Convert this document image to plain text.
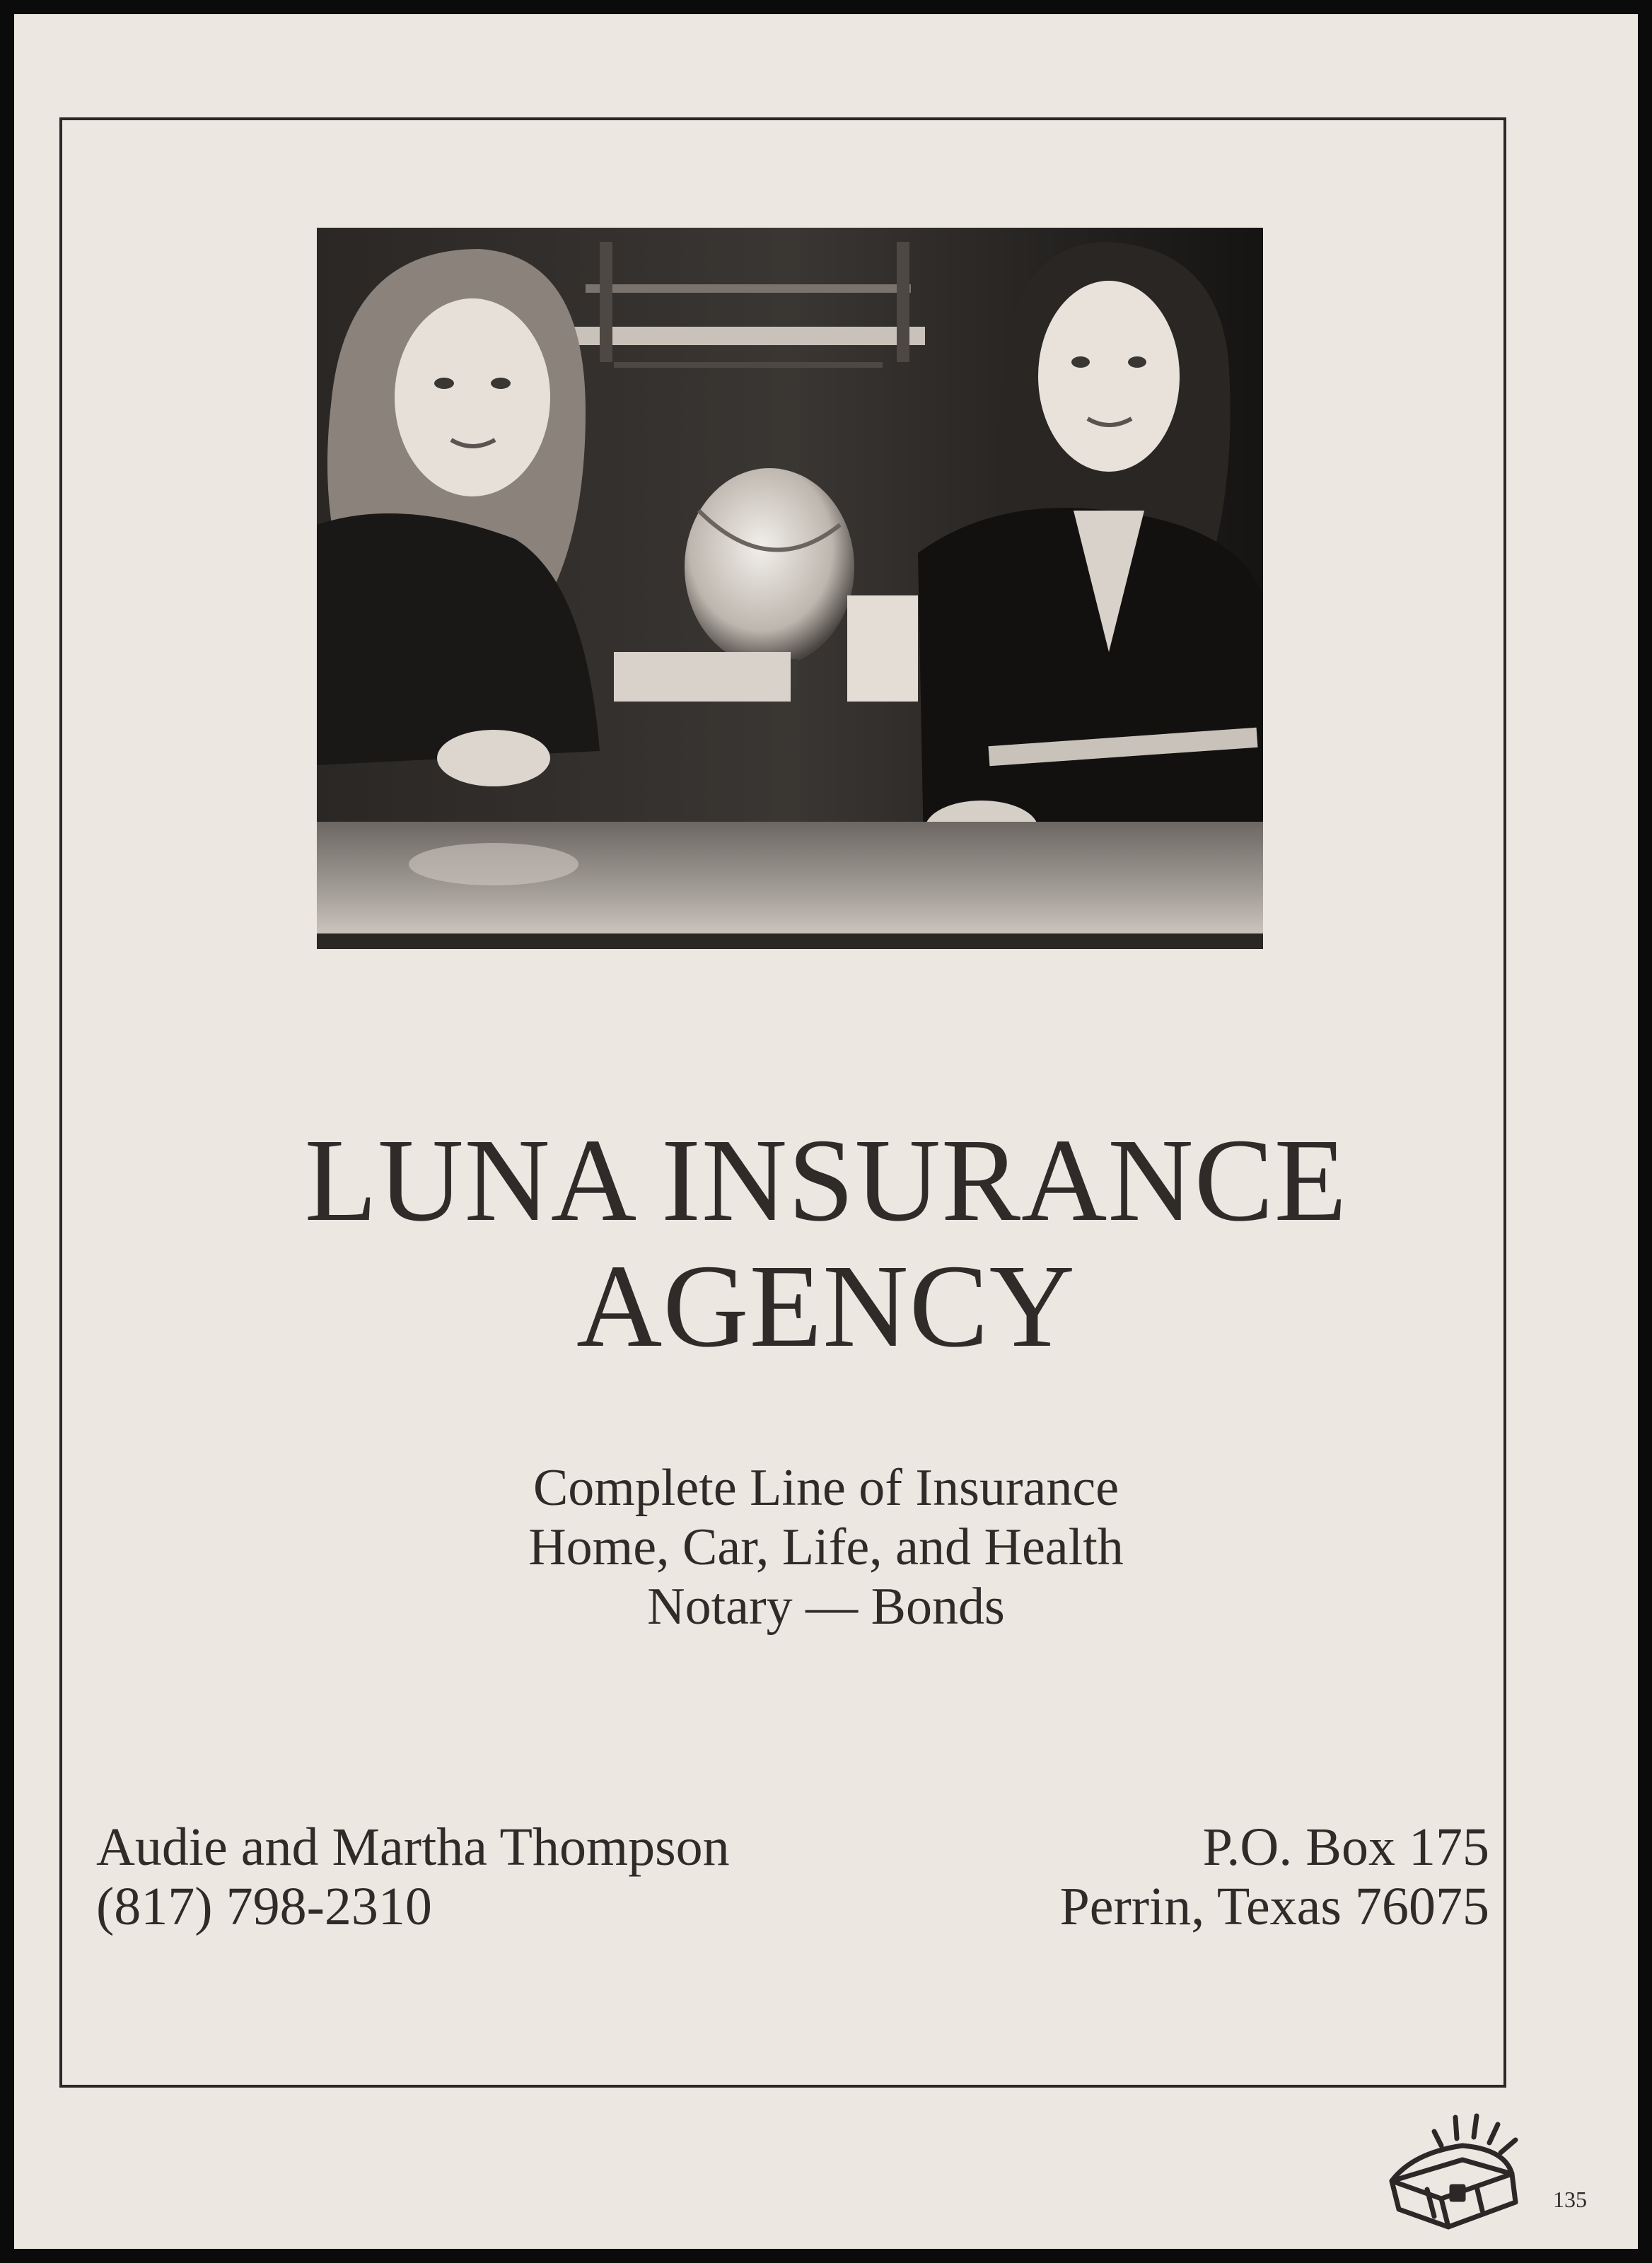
LUNA INSURANCE
AGENCY
Complete Line of Insurance
Home, Car, Life, and Health
Notary — Bonds
Audie and Martha Thompson
(817) 798-2310
P.O. Box 175
Perrin, Texas 76075
135
